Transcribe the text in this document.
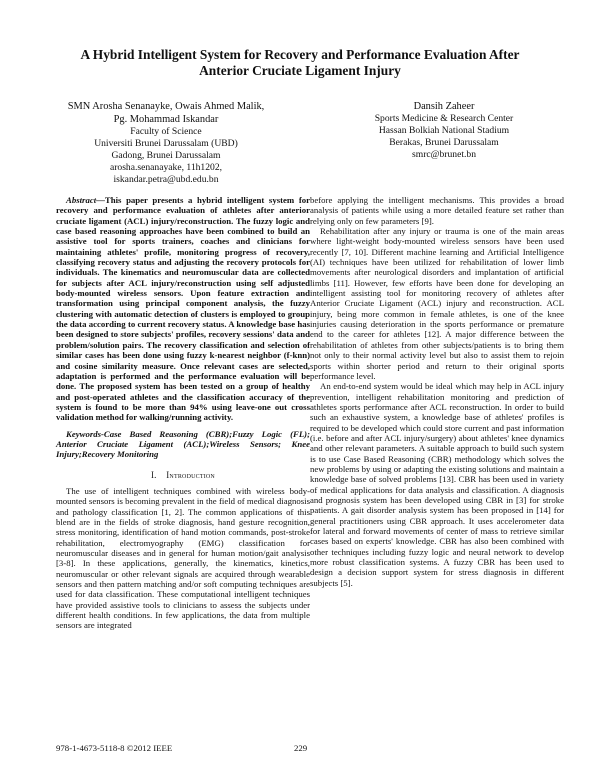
A Hybrid Intelligent System for Recovery and Performance Evaluation After
Anterior Cruciate Ligament Injury
SMN Arosha Senanayke, Owais Ahmed Malik,
Pg. Mohammad Iskandar
Faculty of Science
Universiti Brunei Darussalam (UBD)
Gadong, Brunei Darussalam
arosha.senanayake, 11h1202,
iskandar.petra@ubd.edu.bn
Dansih Zaheer
Sports Medicine & Research Center
Hassan Bolkiah National Stadium
Berakas, Brunei Darussalam
smrc@brunet.bn

Abstract—This paper presents a hybrid intelligent system for recovery and performance evaluation of athletes after anterior cruciate ligament (ACL) injury/reconstruction. The fuzzy logic and case based reasoning approaches have been combined to build an assistive tool for sports trainers, coaches and clinicians for maintaining athletes' profile, monitoring progress of recovery, classifying recovery status and adjusting the recovery protocols for individuals. The kinematics and neuromuscular data are collected for subjects after ACL injury/reconstruction using self adjusted body-mounted wireless sensors. Upon feature extraction and transformation using principal component analysis, the fuzzy clustering with automatic detection of clusters is employed to group the data according to current recovery status. A knowledge base has been designed to store subjects' profiles, recovery sessions' data and problem/solution pairs. The recovery classification and selection of similar cases has been done using fuzzy k-nearest neighbor (f-knn) and cosine similarity measure. Once relevant cases are selected, adaptation is performed and the performance evaluation will be done. The proposed system has been tested on a group of healthy and post-operated athletes and the classification accuracy of the system is found to be more than 94% using leave-one out cross validation method for walking/running activity.

Keywords-Case Based Reasoning (CBR);Fuzzy Logic (FL); Anterior Cruciate Ligament (ACL);Wireless Sensors; Knee Injury;Recovery Monitoring

I. Introduction

The use of intelligent techniques combined with wireless body-mounted sensors is becoming prevalent in the field of medical diagnosis and pathology classification [1, 2]. The common applications of this blend are in the fields of stroke diagnosis, hand gesture recognition, stress monitoring, identification of hand motion commands, post-stroke rehabilitation, electromyography (EMG) classification for neuromuscular diseases and in general for human motion/gait analysis [3-8]. In these applications, generally, the kinematics, kinetics, neuromuscular or other relevant signals are acquired through wearable sensors and then pattern matching and/or soft computing techniques are used for data classification. These computational intelligent techniques have provided assistive tools to clinicians to assess the subjects under different health conditions. In few applications, the data from multiple sensors are integrated

before applying the intelligent mechanisms. This provides a broad analysis of patients while using a more detailed feature set rather than relying only on few parameters [9].

Rehabilitation after any injury or trauma is one of the main areas where light-weight body-mounted wireless sensors have been used recently [7, 10]. Different machine learning and Artificial Intelligence (AI) techniques have been utilized for rehabilitation of lower limb movements after neurological disorders and implantation of artificial limbs [11]. However, few efforts have been done for developing an intelligent assisting tool for monitoring recovery of athletes after Anterior Cruciate Ligament (ACL) injury and reconstruction. ACL injury, being more common in female athletes, is one of the knee injuries causing deterioration in the sports performance or premature end to the career for athletes [12]. A major difference between the rehabilitation of athletes from other subjects/patients is to bring them not only to their normal activity level but also to assist them to rejoin sports within shorter period and return to their original sports performance level.

An end-to-end system would be ideal which may help in ACL injury prevention, intelligent rehabilitation monitoring and prediction of athletes sports performance after ACL reconstruction. In order to build such an exhaustive system, a knowledge base of athletes' profiles is required to be developed which could store current and past information (i.e. before and after ACL injury/surgery) about athletes' knee dynamics and other relevant parameters. A suitable approach to build such system is to use Case Based Reasoning (CBR) methodology which solves the new problems by using or adapting the existing solutions and maintain a knowledge base of solved problems [13]. CBR has been used in variety of medical applications for data analysis and classification. A diagnosis and prognosis system has been developed using CBR in [3] for stroke patients. A gait disorder analysis system has been proposed in [14] for general practitioners using CBR approach. It uses accelerometer data for lateral and forward movements of center of mass to retrieve similar cases based on experts' knowledge. CBR has also been combined with other techniques including fuzzy logic and neural network to develop more robust classification systems. A fuzzy CBR has been used to design a decision support system for stress diagnosis in different subjects [5].

978-1-4673-5118-8 ©2012 IEEE	229
